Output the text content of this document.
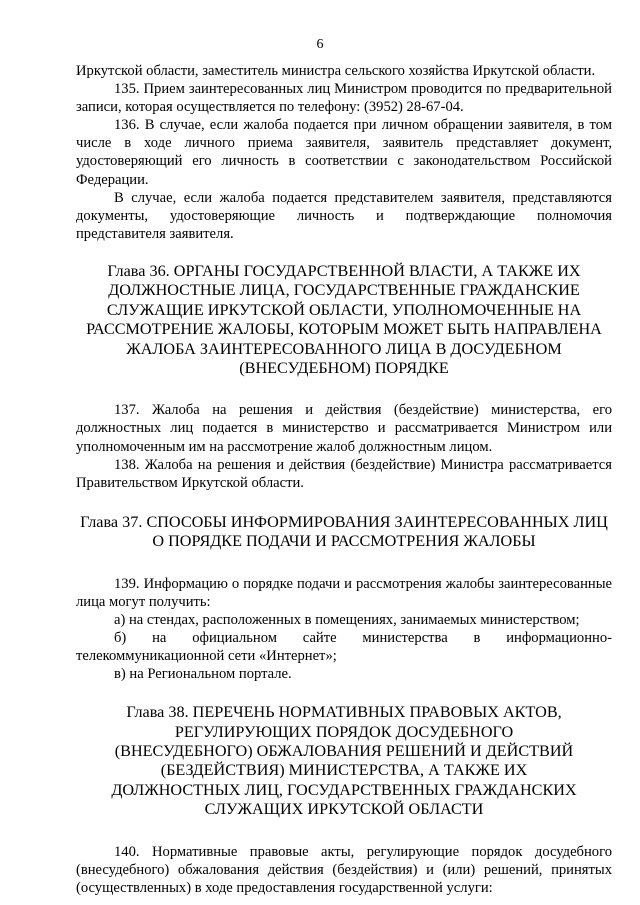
6

Иркутской области, заместитель министра сельского хозяйства Иркутской области.

135. Прием заинтересованных лиц Министром проводится по предварительной записи, которая осуществляется по телефону: (3952) 28-67-04.

136. В случае, если жалоба подается при личном обращении заявителя, в том числе в ходе личного приема заявителя, заявитель представляет документ, удостоверяющий его личность в соответствии с законодательством Российской Федерации.

В случае, если жалоба подается представителем заявителя, представляются документы, удостоверяющие личность и подтверждающие полномочия представителя заявителя.

Глава 36. ОРГАНЫ ГОСУДАРСТВЕННОЙ ВЛАСТИ, А ТАКЖЕ ИХ ДОЛЖНОСТНЫЕ ЛИЦА, ГОСУДАРСТВЕННЫЕ ГРАЖДАНСКИЕ СЛУЖАЩИЕ ИРКУТСКОЙ ОБЛАСТИ, УПОЛНОМОЧЕННЫЕ НА РАССМОТРЕНИЕ ЖАЛОБЫ, КОТОРЫМ МОЖЕТ БЫТЬ НАПРАВЛЕНА ЖАЛОБА ЗАИНТЕРЕСОВАННОГО ЛИЦА В ДОСУДЕБНОМ (ВНЕСУДЕБНОМ) ПОРЯДКЕ

137. Жалоба на решения и действия (бездействие) министерства, его должностных лиц подается в министерство и рассматривается Министром или уполномоченным им на рассмотрение жалоб должностным лицом.

138. Жалоба на решения и действия (бездействие) Министра рассматривается Правительством Иркутской области.

Глава 37. СПОСОБЫ ИНФОРМИРОВАНИЯ ЗАИНТЕРЕСОВАННЫХ ЛИЦ О ПОРЯДКЕ ПОДАЧИ И РАССМОТРЕНИЯ ЖАЛОБЫ

139. Информацию о порядке подачи и рассмотрения жалобы заинтересованные лица могут получить:

а) на стендах, расположенных в помещениях, занимаемых министерством;

б) на официальном сайте министерства в информационно-телекоммуникационной сети «Интернет»;

в) на Региональном портале.

Глава 38. ПЕРЕЧЕНЬ НОРМАТИВНЫХ ПРАВОВЫХ АКТОВ, РЕГУЛИРУЮЩИХ ПОРЯДОК ДОСУДЕБНОГО (ВНЕСУДЕБНОГО) ОБЖАЛОВАНИЯ РЕШЕНИЙ И ДЕЙСТВИЙ (БЕЗДЕЙСТВИЯ) МИНИСТЕРСТВА, А ТАКЖЕ ИХ ДОЛЖНОСТНЫХ ЛИЦ, ГОСУДАРСТВЕННЫХ ГРАЖДАНСКИХ СЛУЖАЩИХ ИРКУТСКОЙ ОБЛАСТИ

140. Нормативные правовые акты, регулирующие порядок досудебного (внесудебного) обжалования действия (бездействия) и (или) решений, принятых (осуществленных) в ходе предоставления государственной услуги:
